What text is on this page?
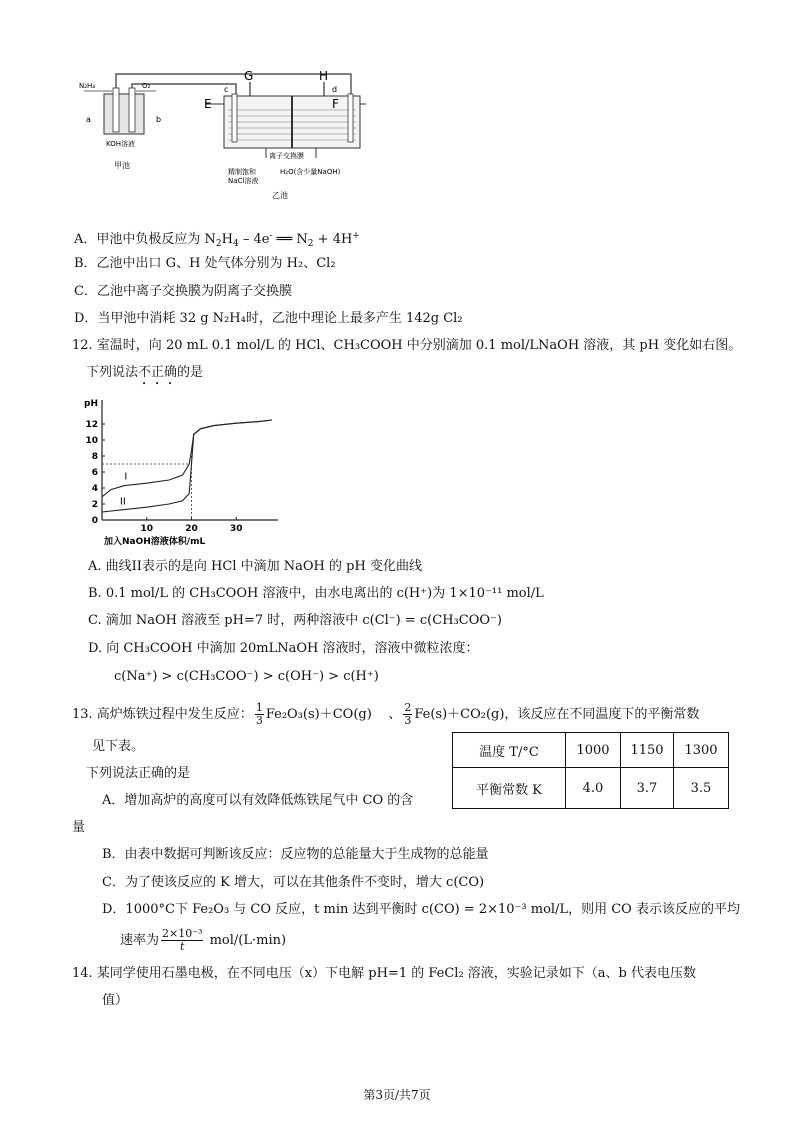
N₂H₄	O₂
a	b
KOH溶液
甲池
G	H
c	d
E	F
离子交换膜
精制饱和
NaCl溶液
H₂O(含少量NaOH)
乙池
A．甲池中负极反应为 $N_2H_4 - 4e^-$ ══ $N_2 + 4H^+$
B．乙池中出口 G、H 处气体分别为 H₂、Cl₂
C．乙池中离子交换膜为阴离子交换膜
D．当甲池中消耗 32 g N₂H₄时，乙池中理论上最多产生 142g Cl₂
12. 室温时，向 20 mL 0.1 mol/L 的 HCl、CH₃COOH 中分别滴加 0.1 mol/LNaOH 溶液，其 pH 变化如右图。
下列说法不正确的是
pH
0
2
4
6
8
10
12
10	20	30
加入NaOH溶液体积/mL
I
II
A. 曲线II表示的是向 HCl 中滴加 NaOH 的 pH 变化曲线
B. 0.1 mol/L 的 CH₃COOH 溶液中，由水电离出的 c(H⁺)为 1×10⁻¹¹ mol/L
C. 滴加 NaOH 溶液至 pH=7 时，两种溶液中 c(Cl⁻) = c(CH₃COO⁻)
D. 向 CH₃COOH 中滴加 20mLNaOH 溶液时，溶液中微粒浓度：
c(Na⁺) > c(CH₃COO⁻) > c(OH⁻) > c(H⁺)
13. 高炉炼铁过程中发生反应： $\frac{1}{3} Fe_2O_3(s)+CO(g)$ 、 $\frac{2}{3} Fe(s)+CO_2(g)$，该反应在不同温度下的平衡常数
见下表。
下列说法正确的是
温度 T/°C	1000	1150	1300
平衡常数 K	4.0	3.7	3.5
A．增加高炉的高度可以有效降低炼铁尾气中 CO 的含
量
B．由表中数据可判断该反应：反应物的总能量大于生成物的总能量
C．为了使该反应的 K 增大，可以在其他条件不变时，增大 c(CO)
D．1000°C下 Fe₂O₃ 与 CO 反应，t min 达到平衡时 c(CO) = 2×10⁻³ mol/L，则用 CO 表示该反应的平均
速率为 $\frac{\text{2×10⁻³}}{t} mol/(L\cdot\min)$
14. 某同学使用石墨电极，在不同电压（x）下电解 pH=1 的 FeCl₂ 溶液，实验记录如下（a、b 代表电压数
值）
第3页/共7页
